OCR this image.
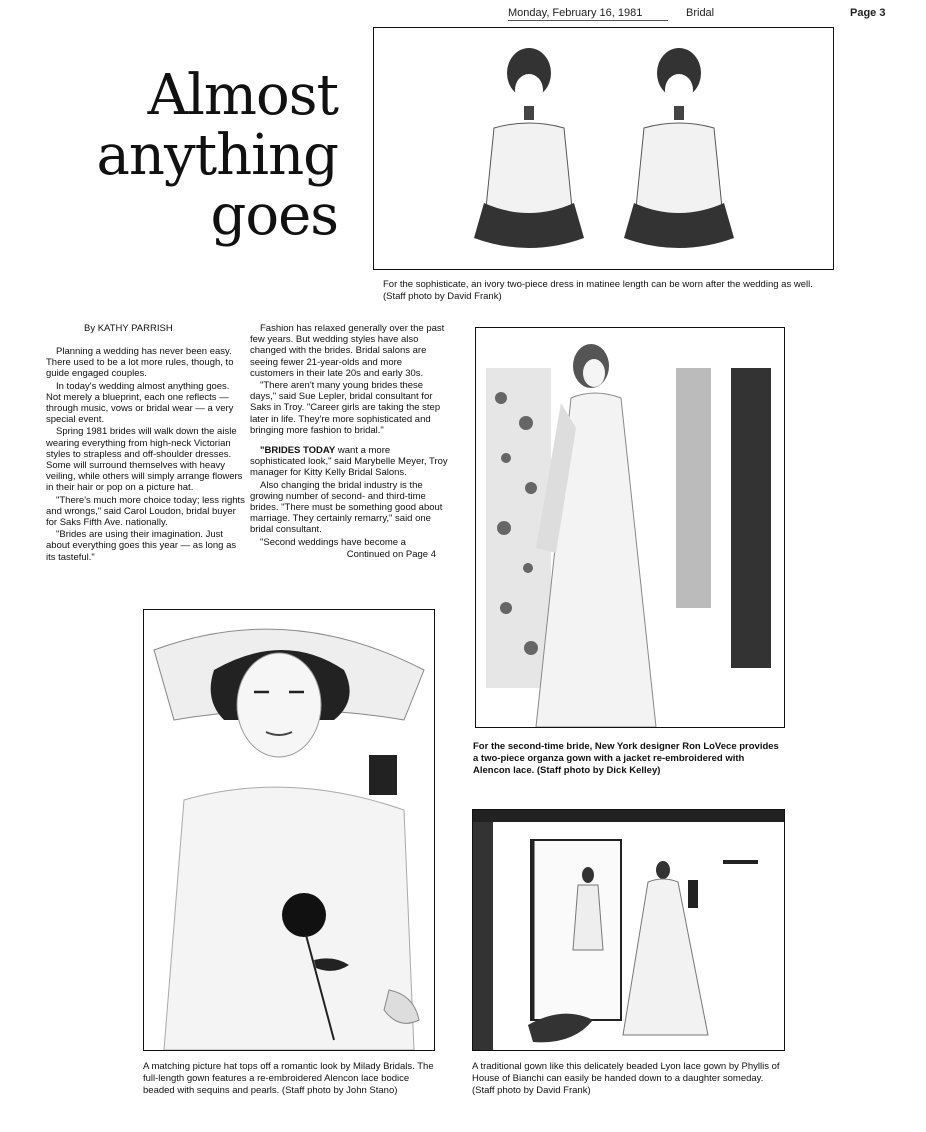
Monday, February 16, 1981	Bridal	Page 3
Almost
anything
goes
For the sophisticate, an ivory two-piece dress in matinee length can be worn after the wedding as well. (Staff photo by David Frank)
By KATHY PARRISH

Planning a wedding has never been easy. There used to be a lot more rules, though, to guide engaged couples.

In today's wedding almost anything goes. Not merely a blueprint, each one reflects — through music, vows or bridal wear — a very special event.

Spring 1981 brides will walk down the aisle wearing everything from high-neck Victorian styles to strapless and off-shoulder dresses. Some will surround themselves with heavy veiling, while others will simply arrange flowers in their hair or pop on a picture hat.

"There's much more choice today; less rights and wrongs," said Carol Loudon, bridal buyer for Saks Fifth Ave. nationally.

"Brides are using their imagination. Just about everything goes this year — as long as its tasteful."

Fashion has relaxed generally over the past few years. But wedding styles have also changed with the brides. Bridal salons are seeing fewer 21-year-olds and more customers in their late 20s and early 30s.

"There aren't many young brides these days," said Sue Lepler, bridal consultant for Saks in Troy. "Career girls are taking the step later in life. They're more sophisticated and bringing more fashion to bridal."

"BRIDES TODAY want a more sophisticated look," said Marybelle Meyer, Troy manager for Kitty Kelly Bridal Salons.

Also changing the bridal industry is the growing number of second- and third-time brides. "There must be something good about marriage. They certainly remarry," said one bridal consultant.

"Second weddings have become a

Continued on Page 4
For the second-time bride, New York designer Ron LoVece provides a two-piece organza gown with a jacket re-embroidered with Alencon lace. (Staff photo by Dick Kelley)
A matching picture hat tops off a romantic look by Milady Bridals. The full-length gown features a re-embroidered Alencon lace bodice beaded with sequins and pearls. (Staff photo by John Stano)
A traditional gown like this delicately beaded Lyon lace gown by Phyllis of House of Bianchi can easily be handed down to a daughter someday. (Staff photo by David Frank)
